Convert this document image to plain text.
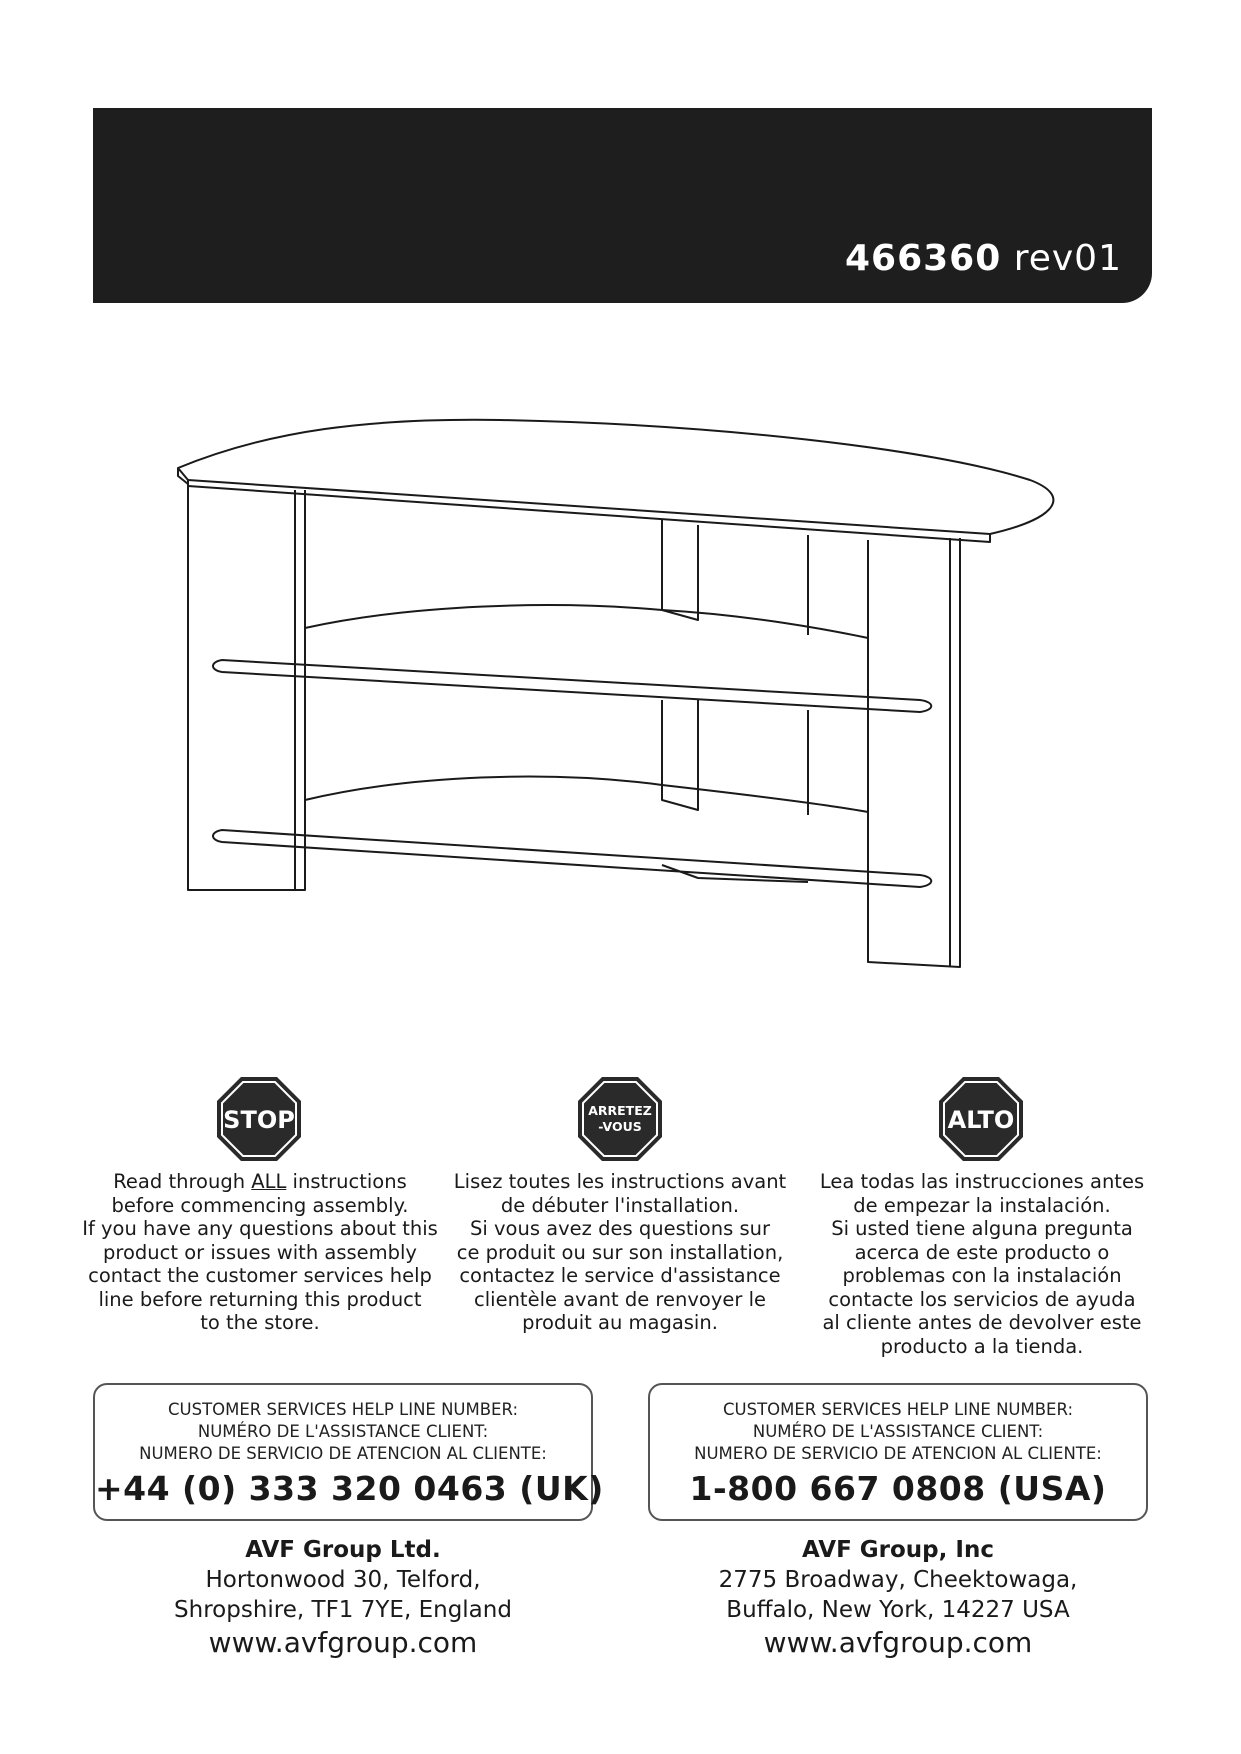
466360 rev01
STOP	ARRETEZ
-VOUS	ALTO

Read through ALL instructions

before commencing assembly.

If you have any questions about this

product or issues with assembly

contact the customer services help

line before returning this product

to the store.

Lisez toutes les instructions avant

de débuter l'installation.

Si vous avez des questions sur

ce produit ou sur son installation,

contactez le service d'assistance

clientèle avant de renvoyer le

produit au magasin.

Lea todas las instrucciones antes

de empezar la instalación.

Si usted tiene alguna pregunta

acerca de este producto o

problemas con la instalación

contacte los servicios de ayuda

al cliente antes de devolver este

producto a la tienda.

CUSTOMER SERVICES HELP LINE NUMBER:
NUMÉRO DE L'ASSISTANCE CLIENT:
NUMERO DE SERVICIO DE ATENCION AL CLIENTE:
+44 (0) 333 320 0463 (UK)
CUSTOMER SERVICES HELP LINE NUMBER:
NUMÉRO DE L'ASSISTANCE CLIENT:
NUMERO DE SERVICIO DE ATENCION AL CLIENTE:
1-800 667 0808 (USA)
AVF Group Ltd.
Hortonwood 30, Telford,
Shropshire, TF1 7YE, England
www.avfgroup.com
AVF Group, Inc
2775 Broadway, Cheektowaga,
Buffalo, New York, 14227 USA
www.avfgroup.com
